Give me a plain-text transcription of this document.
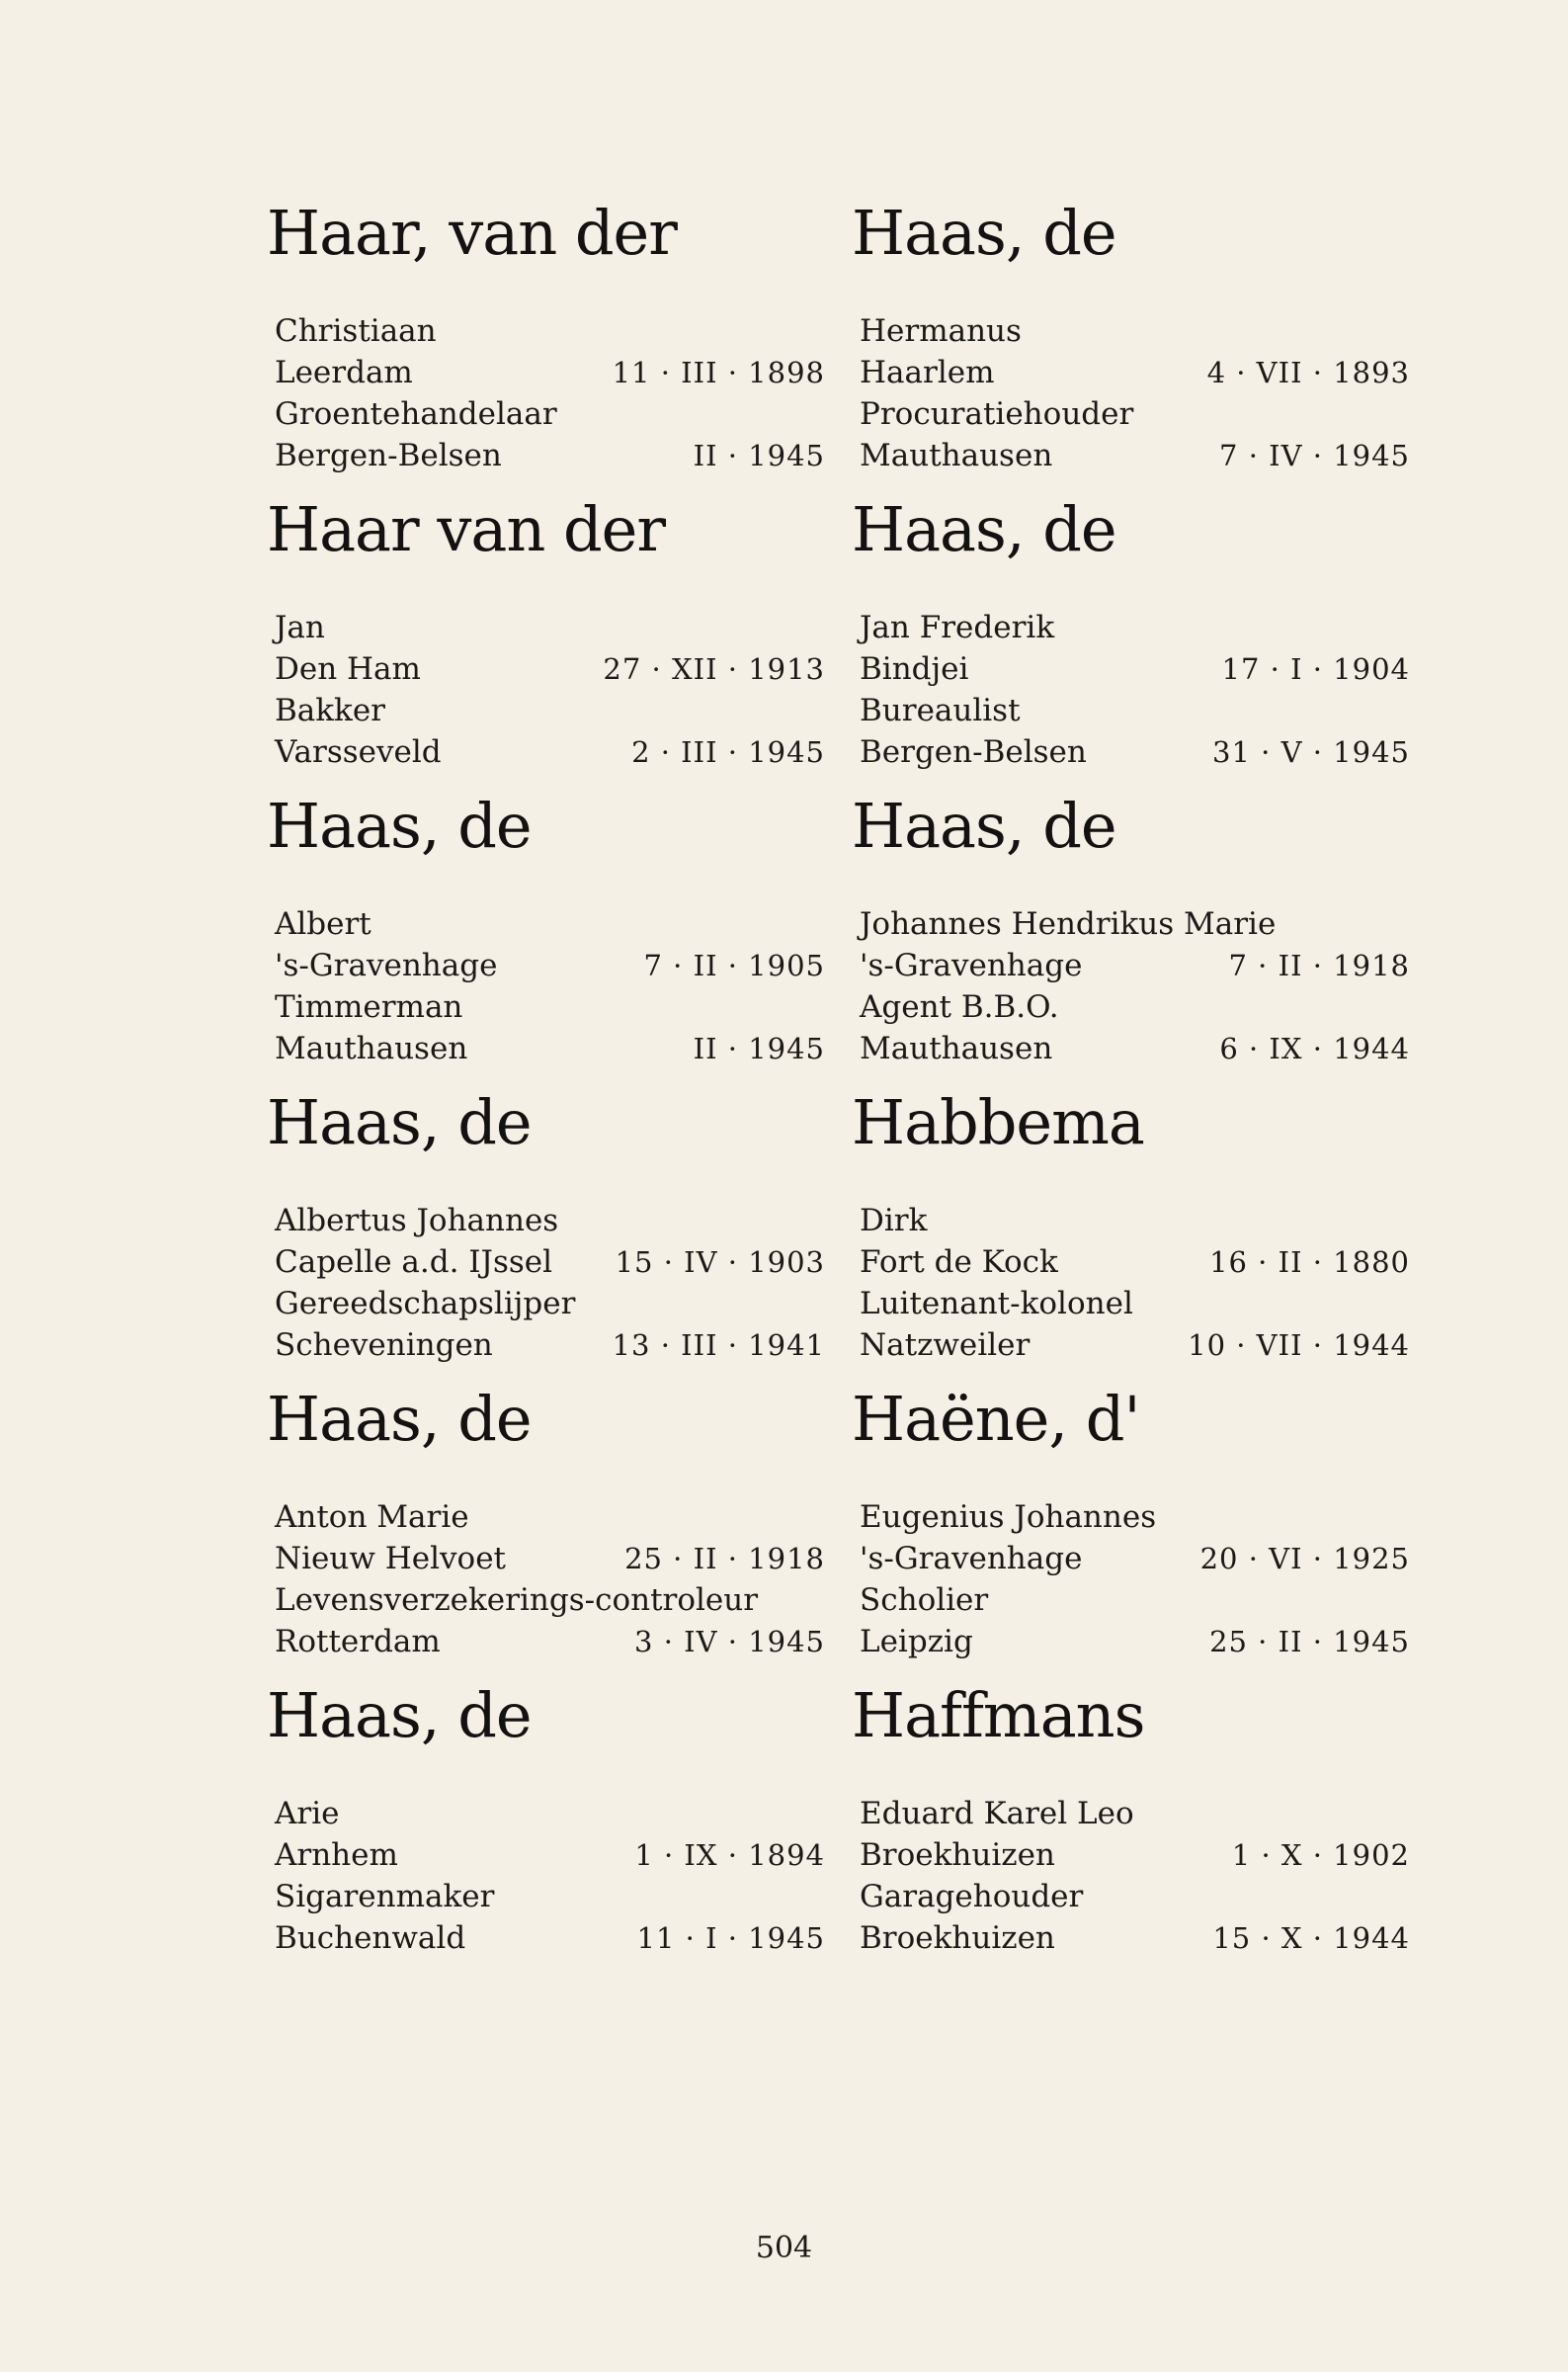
Haar, van der
Christiaan
Leerdam	11 · III · 1898
Groentehandelaar
Bergen-Belsen	II · 1945
Haas, de
Hermanus
Haarlem	4 · VII · 1893
Procuratiehouder
Mauthausen	7 · IV · 1945
Haar van der
Jan
Den Ham	27 · XII · 1913
Bakker
Varsseveld	2 · III · 1945
Haas, de
Jan Frederik
Bindjei	17 · I · 1904
Bureaulist
Bergen-Belsen	31 · V · 1945
Haas, de
Albert
's-Gravenhage	7 · II · 1905
Timmerman
Mauthausen	II · 1945
Haas, de
Johannes Hendrikus Marie
's-Gravenhage	7 · II · 1918
Agent B.B.O.
Mauthausen	6 · IX · 1944
Haas, de
Albertus Johannes
Capelle a.d. IJssel 15 · IV · 1903
Gereedschapslijper
Scheveningen	13 · III · 1941
Habbema
Dirk
Fort de Kock	16 · II · 1880
Luitenant-kolonel
Natzweiler	10 · VII · 1944
Haas, de
Anton Marie
Nieuw Helvoet	25 · II · 1918
Levensverzekerings-controleur
Rotterdam	3 · IV · 1945
Haëne, d'
Eugenius Johannes
's-Gravenhage	20 · VI · 1925
Scholier
Leipzig	25 · II · 1945
Haas, de
Arie
Arnhem	1 · IX · 1894
Sigarenmaker
Buchenwald	11 · I · 1945
Haffmans
Eduard Karel Leo
Broekhuizen	1 · X · 1902
Garagehouder
Broekhuizen	15 · X · 1944
504
